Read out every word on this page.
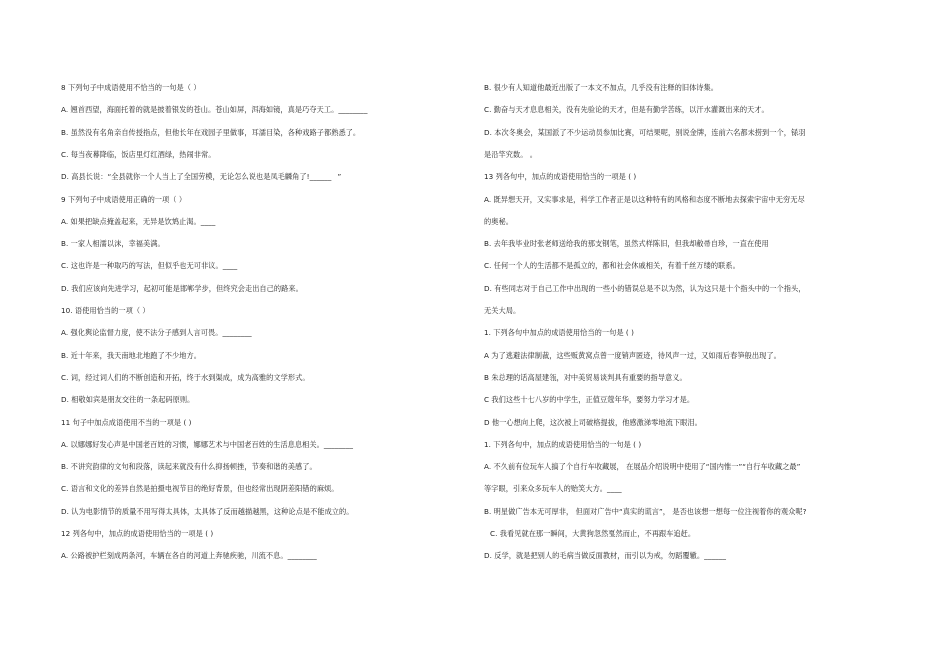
8 下列句子中成语使用不恰当的一句是（ ）
A. 翘首西望，海面托着的就是披着银发的苍山。苍山如屏，洱海如镜，真是巧夺天工。________
B. 虽然没有名角亲自传授指点，但他长年在戏园子里做事，耳濡目染，各种戏路子都熟悉了。
C. 每当夜幕降临，饭店里灯红酒绿，热闹非常。
D. 高县长说：“全县就你一个人当上了全国劳模，无论怎么说也是凤毛麟角了!______ ”
9 下列句子中成语使用正确的一项（ ）
A. 如果把缺点掩盖起来，无异是饮鸩止渴。____
B. 一家人相濡以沫，幸福美满。
C. 这也许是一种取巧的写法，但似乎也无可非议。____
D. 我们应该向先进学习，起初可能是邯郸学步，但终究会走出自己的路来。
10. 语使用恰当的一项（ ）
A. 强化舆论监督力度，使不法分子感到人言可畏。________
B. 近十年来，我天南地北地跑了不少地方。
C. 词，经过词人们的不断创造和开拓，终于水到渠成，成为高雅的文学形式。
D. 相敬如宾是朋友交往的一条起码原则。
11 句子中加点成语使用不当的一项是 ( )
A. 以娜娜好发心声是中国老百姓的习惯，娜娜艺术与中国老百姓的生活息息相关。________
B. 不讲究韵律的文句和段落，读起来就没有什么抑扬顿挫，节奏和谐的美感了。
C. 语言和文化的差异自然是拍摄电视节目的绝好背景，但也经常出现阴差阳错的麻烦。
D. 认为电影情节的质量不用写得太具体，太具体了反而越描越黑，这种论点是不能成立的。
12 列各句中，加点的成语使用恰当的一项是 ( )
A. 公路被护栏刻成两条河，车辆在各自的河道上奔驰疾驰，川流不息。________
B. 很少有人知道他最近出版了一本文不加点，几乎没有注释的旧体诗集。
C. 勤奋与天才息息相关，没有先验论的天才，但是有勤学苦练，以汗水灌溉出来的天才。
D. 本次冬奥会，某国派了不少运动员参加比赛，可结果呢，别说金牌，连前六名都未捞到一个，铩羽
是沿竿究数。 。
13 列各句中，加点的成语使用恰当的一项是 ( )
A. 既异想天开，又实事求是，科学工作者正是以这种特有的风格和态度不断地去探索宇宙中无穷无尽
的奥秘。
B. 去年我毕业时张老师送给我的那支钢笔，虽然式样陈旧，但我却敝帚自珍，一直在使用
C. 任何一个人的生活都不是孤立的，都和社会休戚相关，有着千丝万缕的联系。
D. 有些同志对于自己工作中出现的一些小的错误总是不以为然，认为这只是十个指头中的一个指头，
无关大局。
1. 下列各句中加点的成语使用恰当的一句是 ( )
A 为了逃避法律制裁，这些贩黄窝点曾一度销声匿迹，待风声一过，又如雨后春笋般出现了。
B 朱总理的话高屋建瓴，对中美贸易谈判具有重要的指导意义。
C 我们这些十七八岁的中学生，正值豆蔻年华，要努力学习才是。
D 他一心想向上爬，这次被上司破格提拔，他感激涕零地流下眼泪。
1. 下列各句中，加点的成语使用恰当的一句是 ( )
A. 不久前有位玩车人搞了个自行车收藏展， 在展品介绍说明中使用了“国内惟一”“自行车收藏之最”
等字眼，引来众多玩车人的贻笑大方。____
B. 明星做广告本无可厚非， 但面对广告中“真实的谎言”， 是否也该想一想每一位注视着你的观众呢?
C. 我看见就在那一瞬间，大黄狗忽然戛然而止，不再跟车追赶。
D. 反学，就是把别人的毛病当做反面教材，而引以为戒，勿蹈覆辙。______
